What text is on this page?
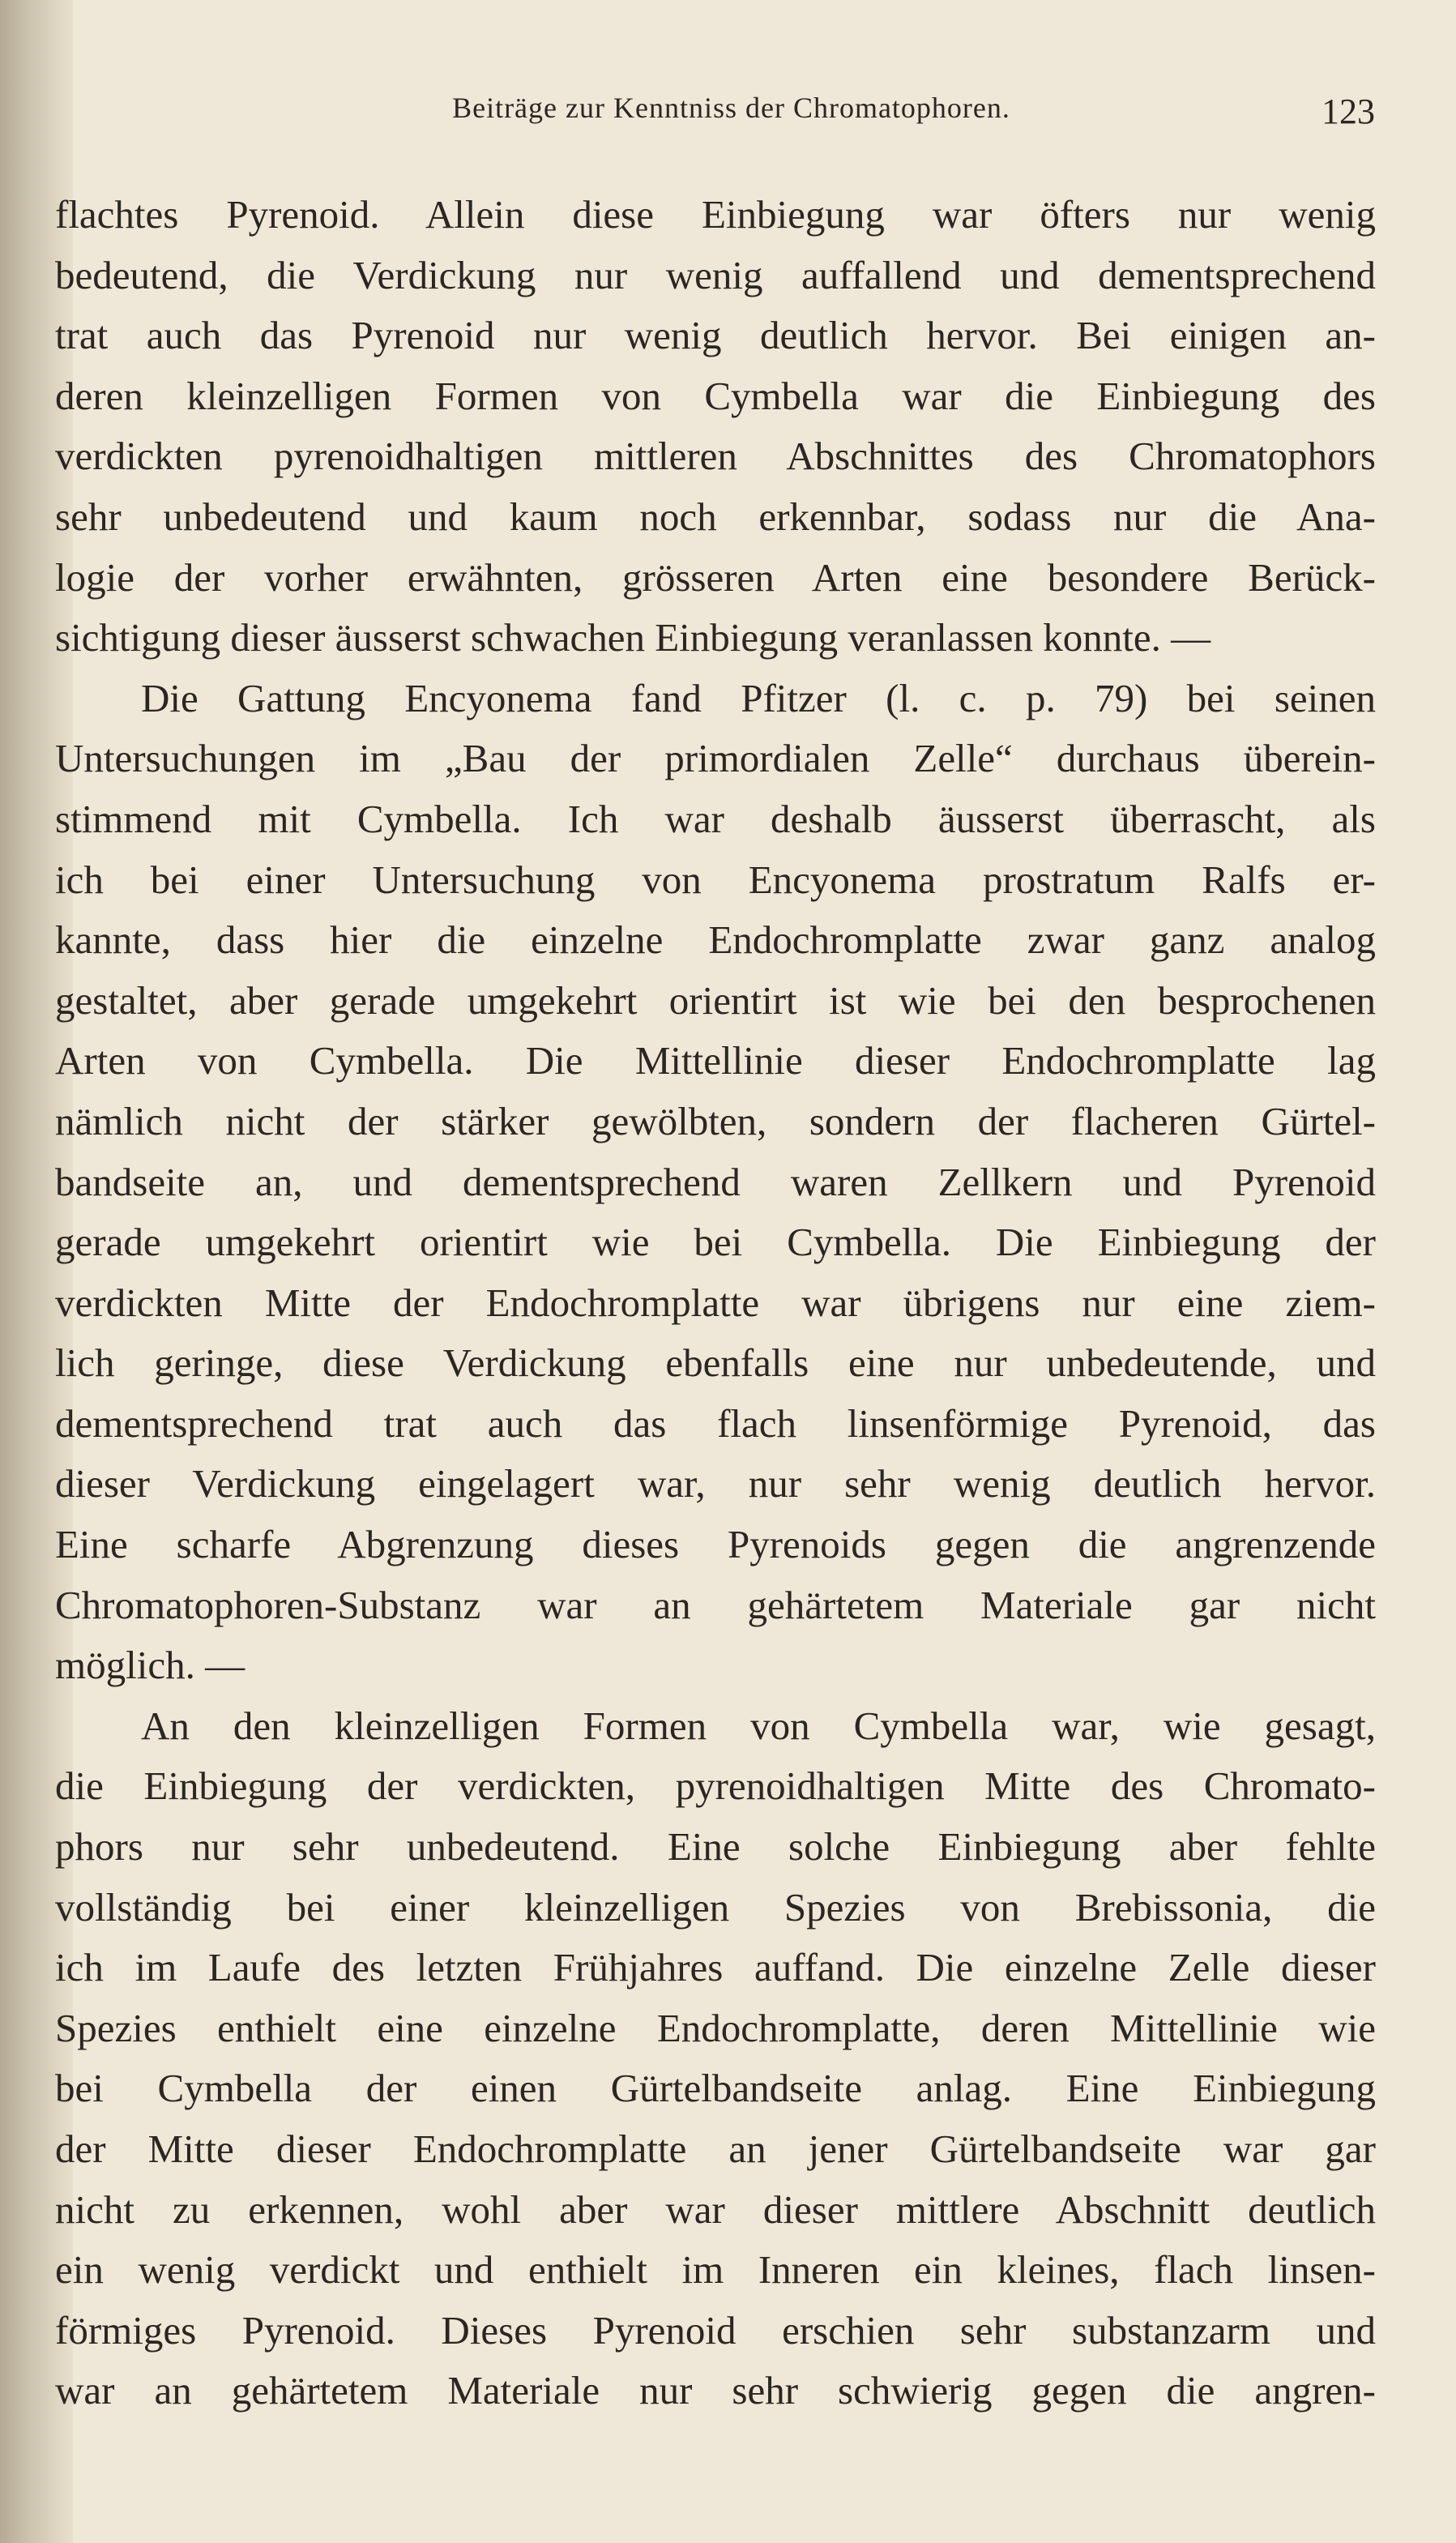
Beiträge zur Kenntniss der Chromatophoren.	123
flachtes Pyrenoid. Allein diese Einbiegung war öfters nur wenig
bedeutend, die Verdickung nur wenig auffallend und dementsprechend
trat auch das Pyrenoid nur wenig deutlich hervor. Bei einigen an-
deren kleinzelligen Formen von Cymbella war die Einbiegung des
verdickten pyrenoidhaltigen mittleren Abschnittes des Chromatophors
sehr unbedeutend und kaum noch erkennbar, sodass nur die Ana-
logie der vorher erwähnten, grösseren Arten eine besondere Berück-
sichtigung dieser äusserst schwachen Einbiegung veranlassen konnte. —
Die Gattung Encyonema fand Pfitzer (l. c. p. 79) bei seinen
Untersuchungen im „Bau der primordialen Zelle“ durchaus überein-
stimmend mit Cymbella. Ich war deshalb äusserst überrascht, als
ich bei einer Untersuchung von Encyonema prostratum Ralfs er-
kannte, dass hier die einzelne Endochromplatte zwar ganz analog
gestaltet, aber gerade umgekehrt orientirt ist wie bei den besprochenen
Arten von Cymbella. Die Mittellinie dieser Endochromplatte lag
nämlich nicht der stärker gewölbten, sondern der flacheren Gürtel-
bandseite an, und dementsprechend waren Zellkern und Pyrenoid
gerade umgekehrt orientirt wie bei Cymbella. Die Einbiegung der
verdickten Mitte der Endochromplatte war übrigens nur eine ziem-
lich geringe, diese Verdickung ebenfalls eine nur unbedeutende, und
dementsprechend trat auch das flach linsenförmige Pyrenoid, das
dieser Verdickung eingelagert war, nur sehr wenig deutlich hervor.
Eine scharfe Abgrenzung dieses Pyrenoids gegen die angrenzende
Chromatophoren-Substanz war an gehärtetem Materiale gar nicht
möglich. —
An den kleinzelligen Formen von Cymbella war, wie gesagt,
die Einbiegung der verdickten, pyrenoidhaltigen Mitte des Chromato-
phors nur sehr unbedeutend. Eine solche Einbiegung aber fehlte
vollständig bei einer kleinzelligen Spezies von Brebissonia, die
ich im Laufe des letzten Frühjahres auffand. Die einzelne Zelle dieser
Spezies enthielt eine einzelne Endochromplatte, deren Mittellinie wie
bei Cymbella der einen Gürtelbandseite anlag. Eine Einbiegung
der Mitte dieser Endochromplatte an jener Gürtelbandseite war gar
nicht zu erkennen, wohl aber war dieser mittlere Abschnitt deutlich
ein wenig verdickt und enthielt im Inneren ein kleines, flach linsen-
förmiges Pyrenoid. Dieses Pyrenoid erschien sehr substanzarm und
war an gehärtetem Materiale nur sehr schwierig gegen die angren-
